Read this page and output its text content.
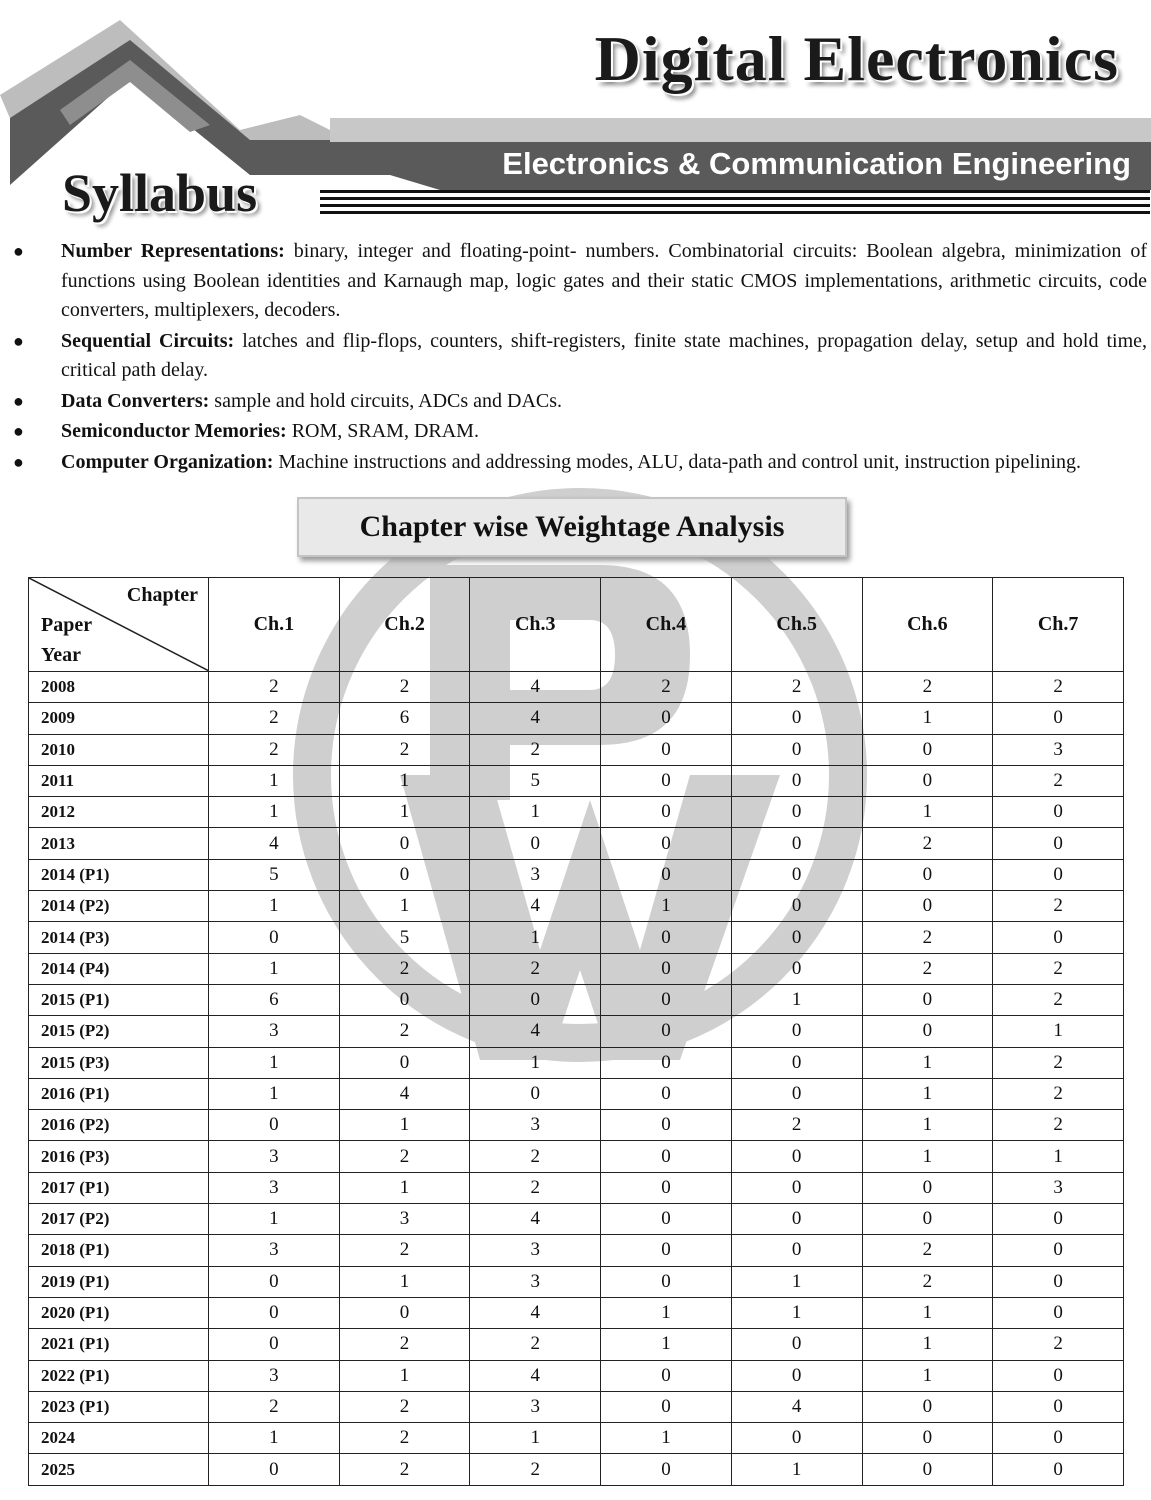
Digital Electronics
Electronics & Communication Engineering
Syllabus
● Number Representations: binary, integer and floating-point- numbers. Combinatorial circuits: Boolean algebra, minimization of functions using Boolean identities and Karnaugh map, logic gates and their static CMOS implementations, arithmetic circuits, code converters, multiplexers, decoders.
● Sequential Circuits: latches and flip-flops, counters, shift-registers, finite state machines, propagation delay, setup and hold time, critical path delay.
● Data Converters: sample and hold circuits, ADCs and DACs.
● Semiconductor Memories: ROM, SRAM, DRAM.
● Computer Organization: Machine instructions and addressing modes, ALU, data-path and control unit, instruction pipelining.
Chapter wise Weightage Analysis
Chapter
Paper
Year	Ch.1	Ch.2	Ch.3	Ch.4	Ch.5	Ch.6	Ch.7
2008	2	2	4	2	2	2	2
2009	2	6	4	0	0	1	0
2010	2	2	2	0	0	0	3
2011	1	1	5	0	0	0	2
2012	1	1	1	0	0	1	0
2013	4	0	0	0	0	2	0
2014 (P1)	5	0	3	0	0	0	0
2014 (P2)	1	1	4	1	0	0	2
2014 (P3)	0	5	1	0	0	2	0
2014 (P4)	1	2	2	0	0	2	2
2015 (P1)	6	0	0	0	1	0	2
2015 (P2)	3	2	4	0	0	0	1
2015 (P3)	1	0	1	0	0	1	2
2016 (P1)	1	4	0	0	0	1	2
2016 (P2)	0	1	3	0	2	1	2
2016 (P3)	3	2	2	0	0	1	1
2017 (P1)	3	1	2	0	0	0	3
2017 (P2)	1	3	4	0	0	0	0
2018 (P1)	3	2	3	0	0	2	0
2019 (P1)	0	1	3	0	1	2	0
2020 (P1)	0	0	4	1	1	1	0
2021 (P1)	0	2	2	1	0	1	2
2022 (P1)	3	1	4	0	0	1	0
2023 (P1)	2	2	3	0	4	0	0
2024	1	2	1	1	0	0	0
2025	0	2	2	0	1	0	0
